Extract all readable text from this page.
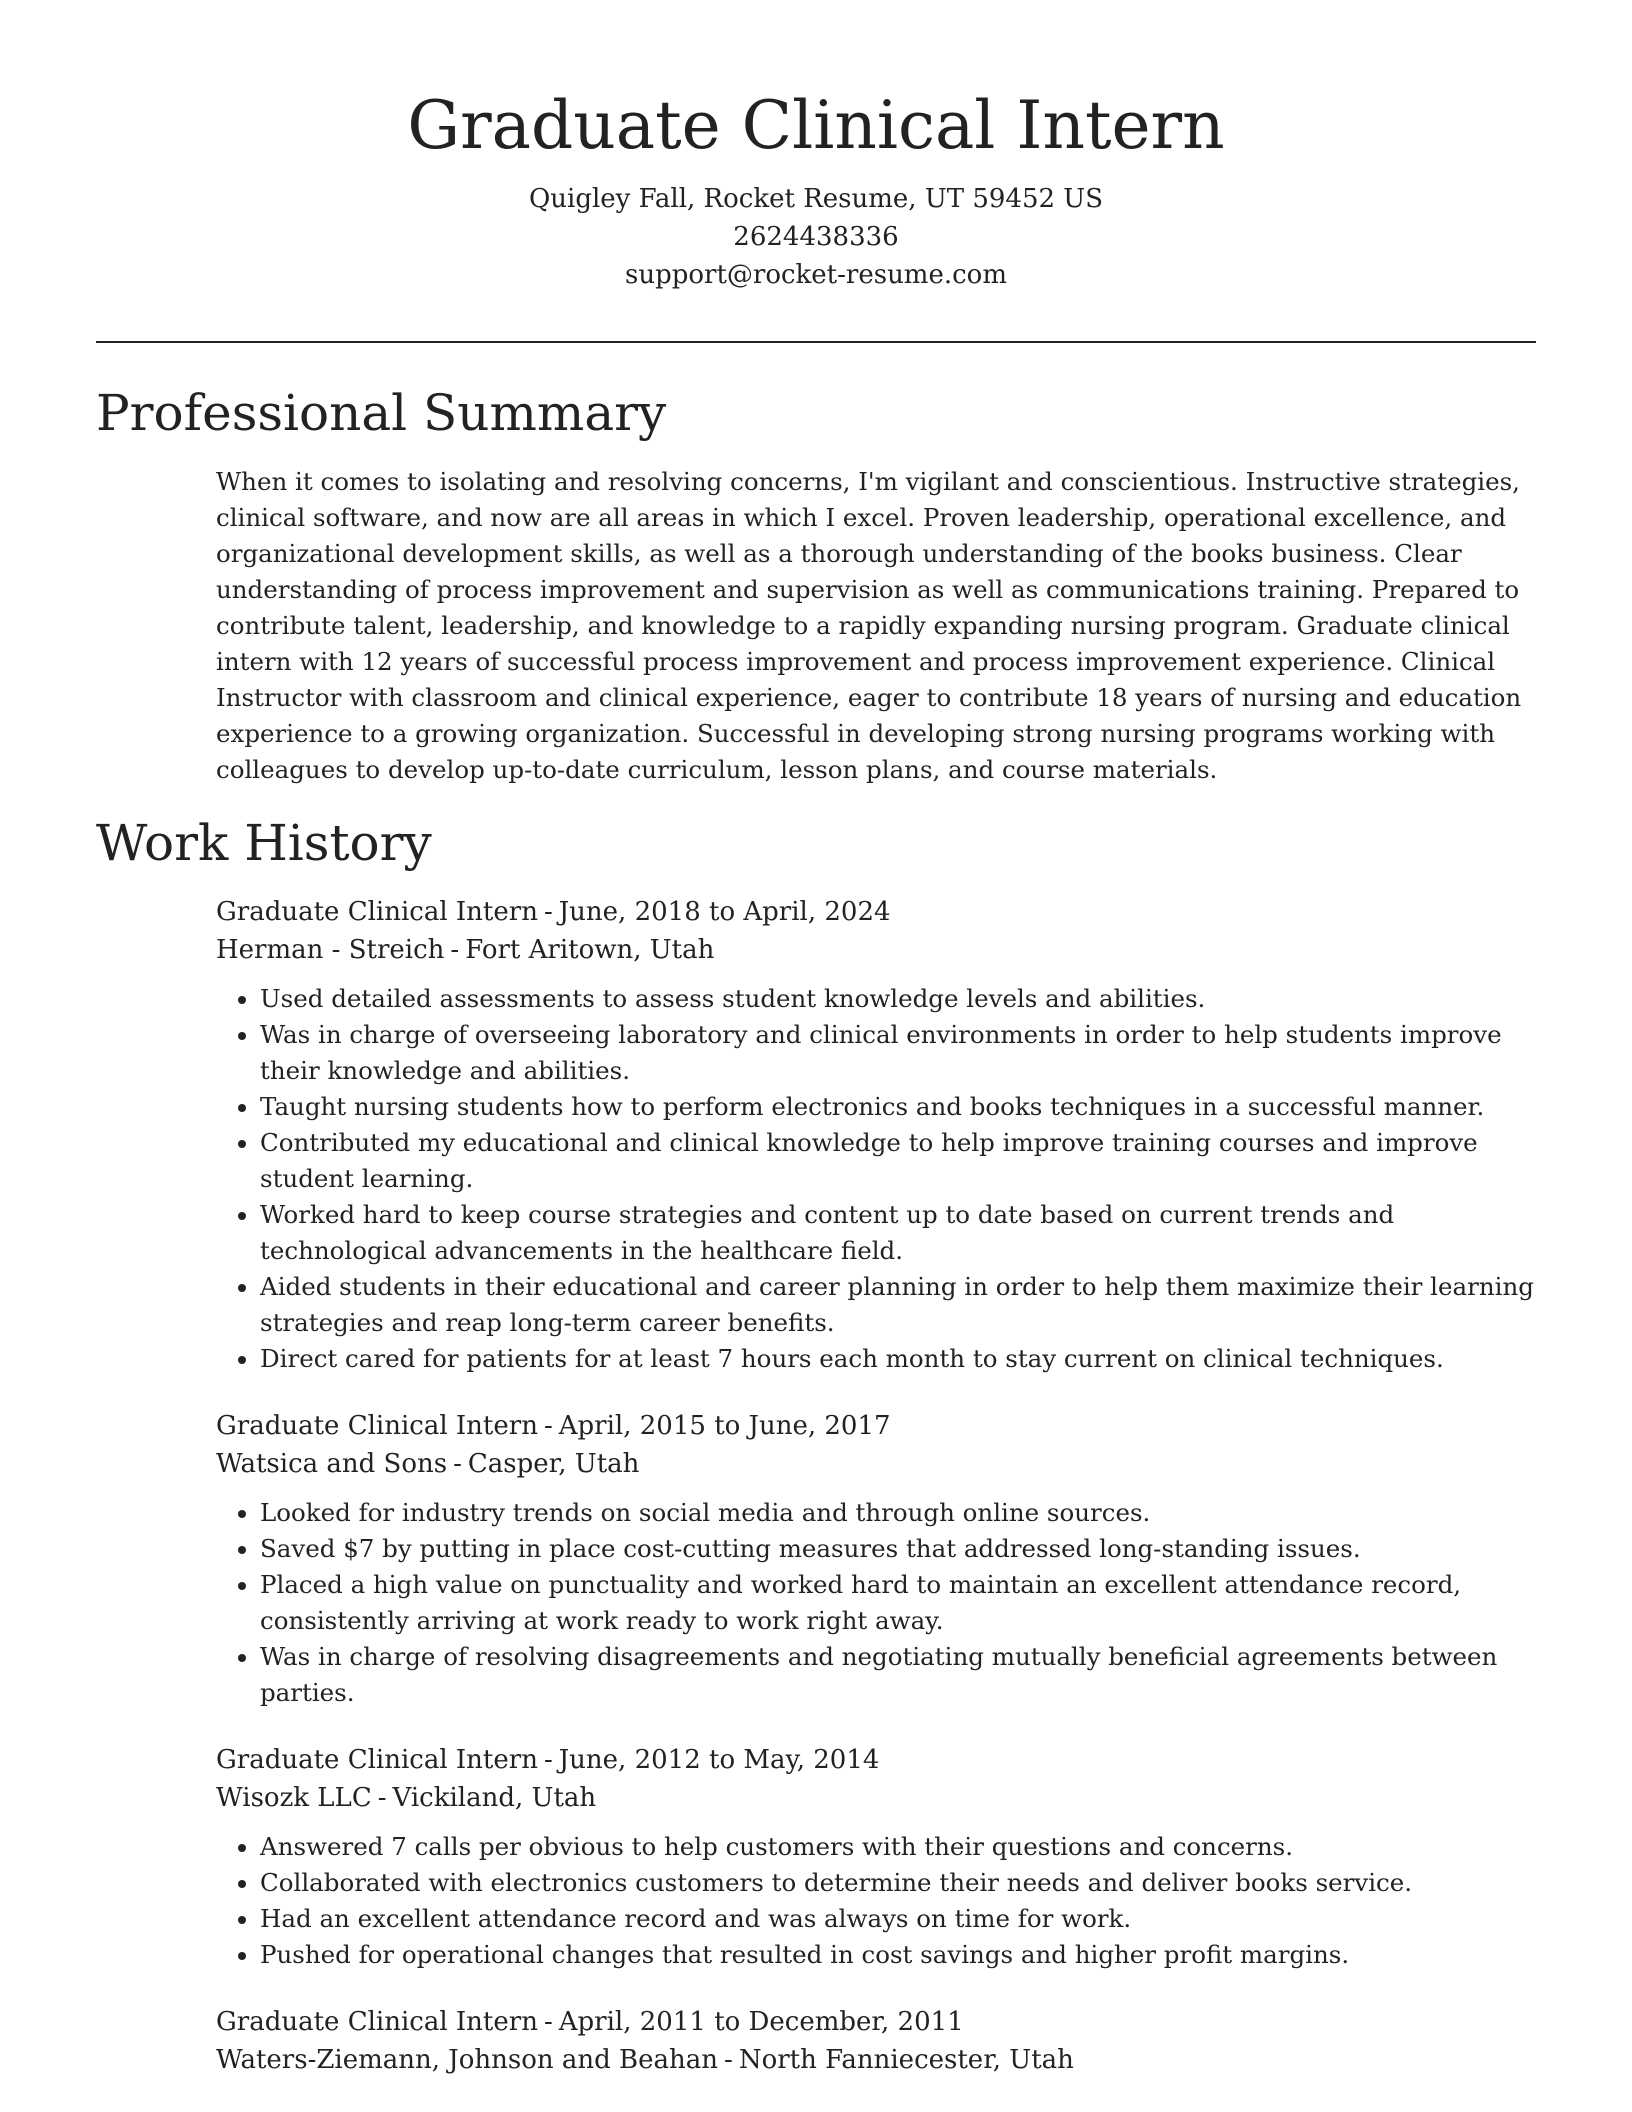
Graduate Clinical Intern
Quigley Fall, Rocket Resume, UT 59452 US
2624438336
support@rocket-resume.com
Professional Summary

When it comes to isolating and resolving concerns, I'm vigilant and conscientious. Instructive strategies, clinical software, and now are all areas in which I excel. Proven leadership, operational excellence, and organizational development skills, as well as a thorough understanding of the books business. Clear understanding of process improvement and supervision as well as communications training. Prepared to contribute talent, leadership, and knowledge to a rapidly expanding nursing program. Graduate clinical intern with 12 years of successful process improvement and process improvement experience. Clinical Instructor with classroom and clinical experience, eager to contribute 18 years of nursing and education experience to a growing organization. Successful in developing strong nursing programs working with colleagues to develop up-to-date curriculum, lesson plans, and course materials.

Work History
Graduate Clinical Intern - June, 2018 to April, 2024
Herman - Streich - Fort Aritown, Utah
• Used detailed assessments to assess student knowledge levels and abilities.
• Was in charge of overseeing laboratory and clinical environments in order to help students improve their knowledge and abilities.
• Taught nursing students how to perform electronics and books techniques in a successful manner.
• Contributed my educational and clinical knowledge to help improve training courses and improve student learning.
• Worked hard to keep course strategies and content up to date based on current trends and technological advancements in the healthcare field.
• Aided students in their educational and career planning in order to help them maximize their learning strategies and reap long-term career benefits.
• Direct cared for patients for at least 7 hours each month to stay current on clinical techniques.
Graduate Clinical Intern - April, 2015 to June, 2017
Watsica and Sons - Casper, Utah
• Looked for industry trends on social media and through online sources.
• Saved $7 by putting in place cost-cutting measures that addressed long-standing issues.
• Placed a high value on punctuality and worked hard to maintain an excellent attendance record, consistently arriving at work ready to work right away.
• Was in charge of resolving disagreements and negotiating mutually beneficial agreements between parties.
Graduate Clinical Intern - June, 2012 to May, 2014
Wisozk LLC - Vickiland, Utah
• Answered 7 calls per obvious to help customers with their questions and concerns.
• Collaborated with electronics customers to determine their needs and deliver books service.
• Had an excellent attendance record and was always on time for work.
• Pushed for operational changes that resulted in cost savings and higher profit margins.
Graduate Clinical Intern - April, 2011 to December, 2011
Waters-Ziemann, Johnson and Beahan - North Fanniecester, Utah
